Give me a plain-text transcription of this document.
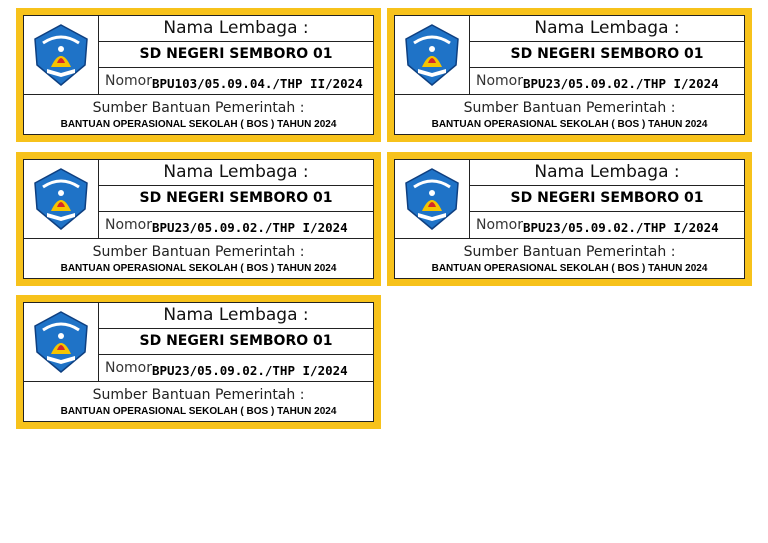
Nama Lembaga :
SD NEGERI SEMBORO 01
Nomor BPU103/05.09.04./THP II/2024
Sumber Bantuan Pemerintah :
BANTUAN OPERASIONAL SEKOLAH ( BOS ) TAHUN 2024
Nama Lembaga :
SD NEGERI SEMBORO 01
Nomor BPU23/05.09.02./THP I/2024
Sumber Bantuan Pemerintah :
BANTUAN OPERASIONAL SEKOLAH ( BOS ) TAHUN 2024
Nama Lembaga :
SD NEGERI SEMBORO 01
Nomor BPU23/05.09.02./THP I/2024
Sumber Bantuan Pemerintah :
BANTUAN OPERASIONAL SEKOLAH ( BOS ) TAHUN 2024
Nama Lembaga :
SD NEGERI SEMBORO 01
Nomor BPU23/05.09.02./THP I/2024
Sumber Bantuan Pemerintah :
BANTUAN OPERASIONAL SEKOLAH ( BOS ) TAHUN 2024
Nama Lembaga :
SD NEGERI SEMBORO 01
Nomor BPU23/05.09.02./THP I/2024
Sumber Bantuan Pemerintah :
BANTUAN OPERASIONAL SEKOLAH ( BOS ) TAHUN 2024
